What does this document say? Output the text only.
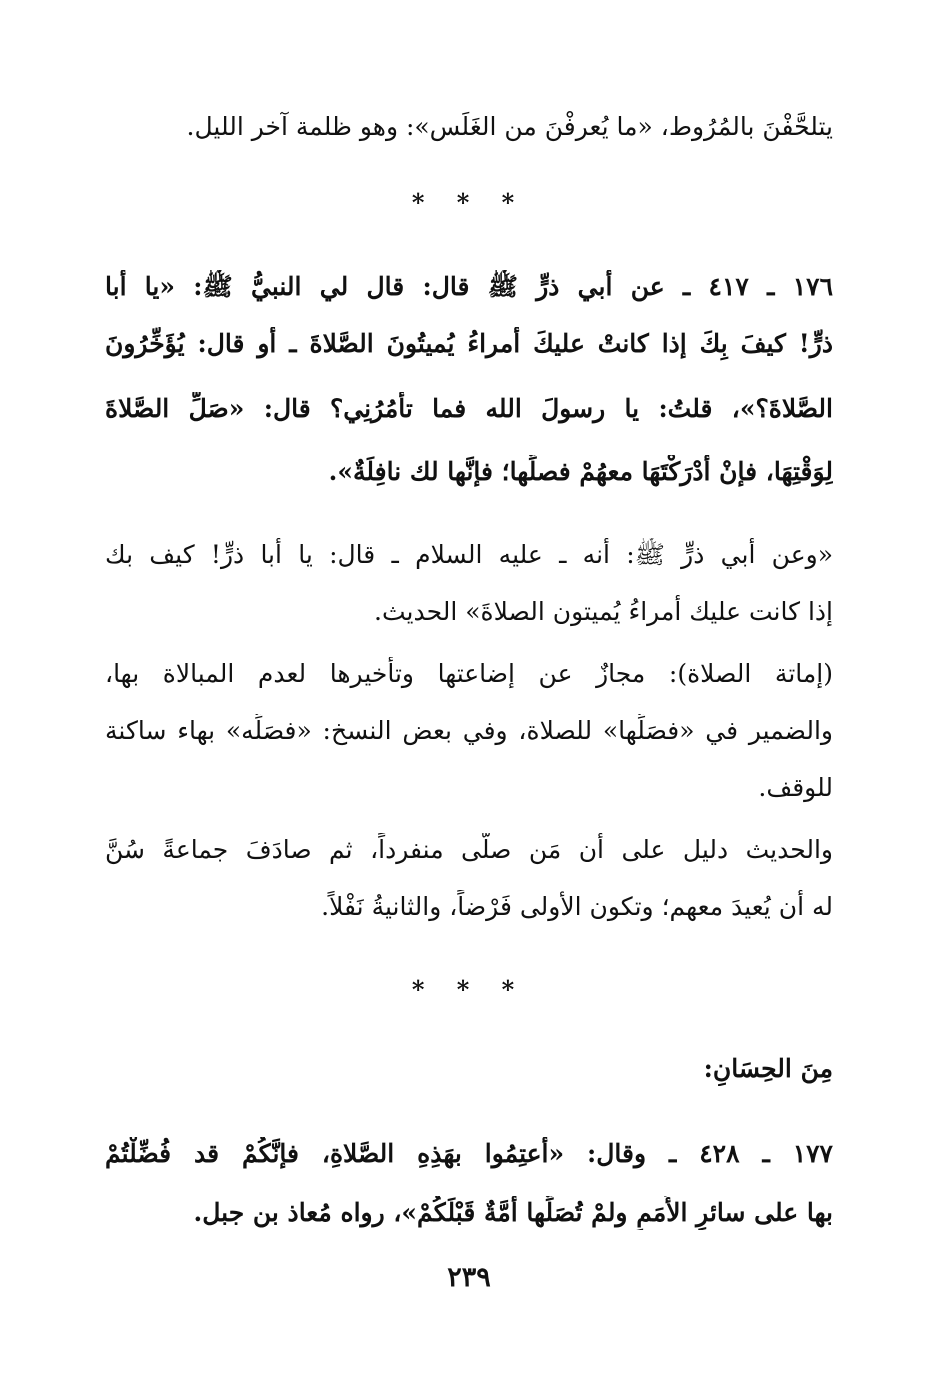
يتلحَّفْنَ بالمُرُوط، «ما يُعرفْنَ من الغَلَس»: وهو ظلمة آخر الليل.
* * *
١٧٦ ـ ٤١٧ ـ عن أبي ذرٍّ ﷺ قال: قال لي النبيُّ ﷺ: «يا أبا
ذرٍّ! كيفَ بِكَ إذا كانتْ عليكَ أُمراءُ يُميتُونَ الصَّلاةَ ـ أو قال: يُؤَخِّرُونَ
الصَّلاةَ؟»، قلتُ: يا رسولَ الله فما تأمُرُنِي؟ قال: «صَلِّ الصَّلاةَ
لِوَقْتِهَا، فإنْ أَدْرَكْتَهَا معهُمْ فصلِّها؛ فإنَّها لك نافِلَةٌ».
«وعن أبي ذرٍّ ﷺ: أنه ـ عليه السلام ـ قال: يا أبا ذرٍّ! كيف بك
إذا كانت عليك أمراءُ يُميتون الصلاةَ» الحديث.
(إماتة الصلاة): مجازٌ عن إضاعتها وتأخيرها لعدم المبالاة بها،
والضمير في «فصَلِّها» للصلاة، وفي بعض النسخ: «فصَلِّه» بهاء ساكنة
للوقف.
والحديث دليل على أن مَن صلَّى منفرداً، ثم صادَفَ جماعةً سُنَّ
له أن يُعيدَ معهم؛ وتكون الأولى فَرْضاً، والثانيةُ نَفْلاً.
* * *
مِنَ الحِسَانِ:
١٧٧ ـ ٤٢٨ ـ وقال: «أَعتِمُوا بهَذِهِ الصَّلاةِ، فإنَّكُمْ قد فُضِّلْتُمْ
بها على سائرِ الأُمَمِ ولمْ تُصَلِّها أُمَّةٌ قَبْلَكُمْ»، رواه مُعاذ بن جبل.
٢٣٩
